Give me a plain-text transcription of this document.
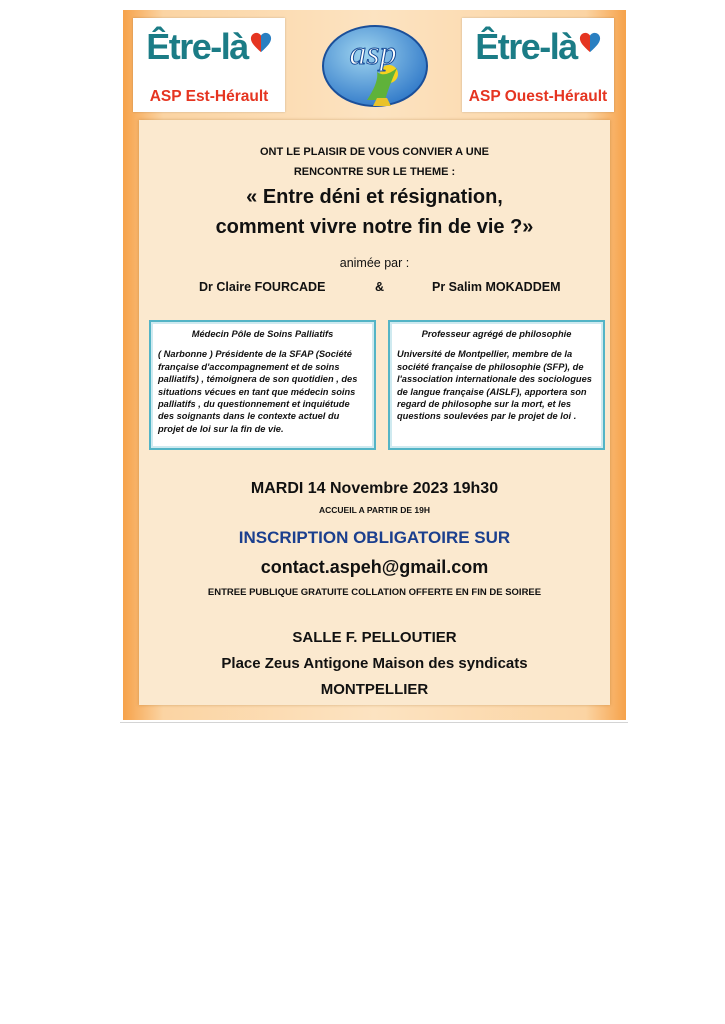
Être-là
ASP Est-Hérault
asp	Être-là
ASP Ouest-Hérault
ONT LE PLAISIR DE VOUS CONVIER A UNE
RENCONTRE SUR LE THEME :
« Entre déni et résignation,
comment vivre notre fin de vie ?»
animée par :
Dr Claire FOURCADE	&	Pr Salim MOKADDEM
Médecin Pôle de Soins Palliatifs
( Narbonne ) Présidente de la SFAP (Société française d'accompagnement et de soins palliatifs) , témoignera de son quotidien , des situations vécues en tant que médecin soins palliatifs , du questionnement et inquiétude des soignants dans le contexte actuel du projet de loi sur la fin de vie.
Professeur agrégé de philosophie
Université de Montpellier, membre de la société française de philosophie (SFP), de l'association internationale des sociologues de langue française (AISLF), apportera son regard de philosophe sur la mort, et les questions soulevées par le projet de loi .
MARDI 14 Novembre 2023 19h30
ACCUEIL A PARTIR DE 19H
INSCRIPTION OBLIGATOIRE SUR
contact.aspeh@gmail.com
ENTREE PUBLIQUE GRATUITE COLLATION OFFERTE EN FIN DE SOIREE
SALLE F. PELLOUTIER
Place Zeus Antigone Maison des syndicats
MONTPELLIER
